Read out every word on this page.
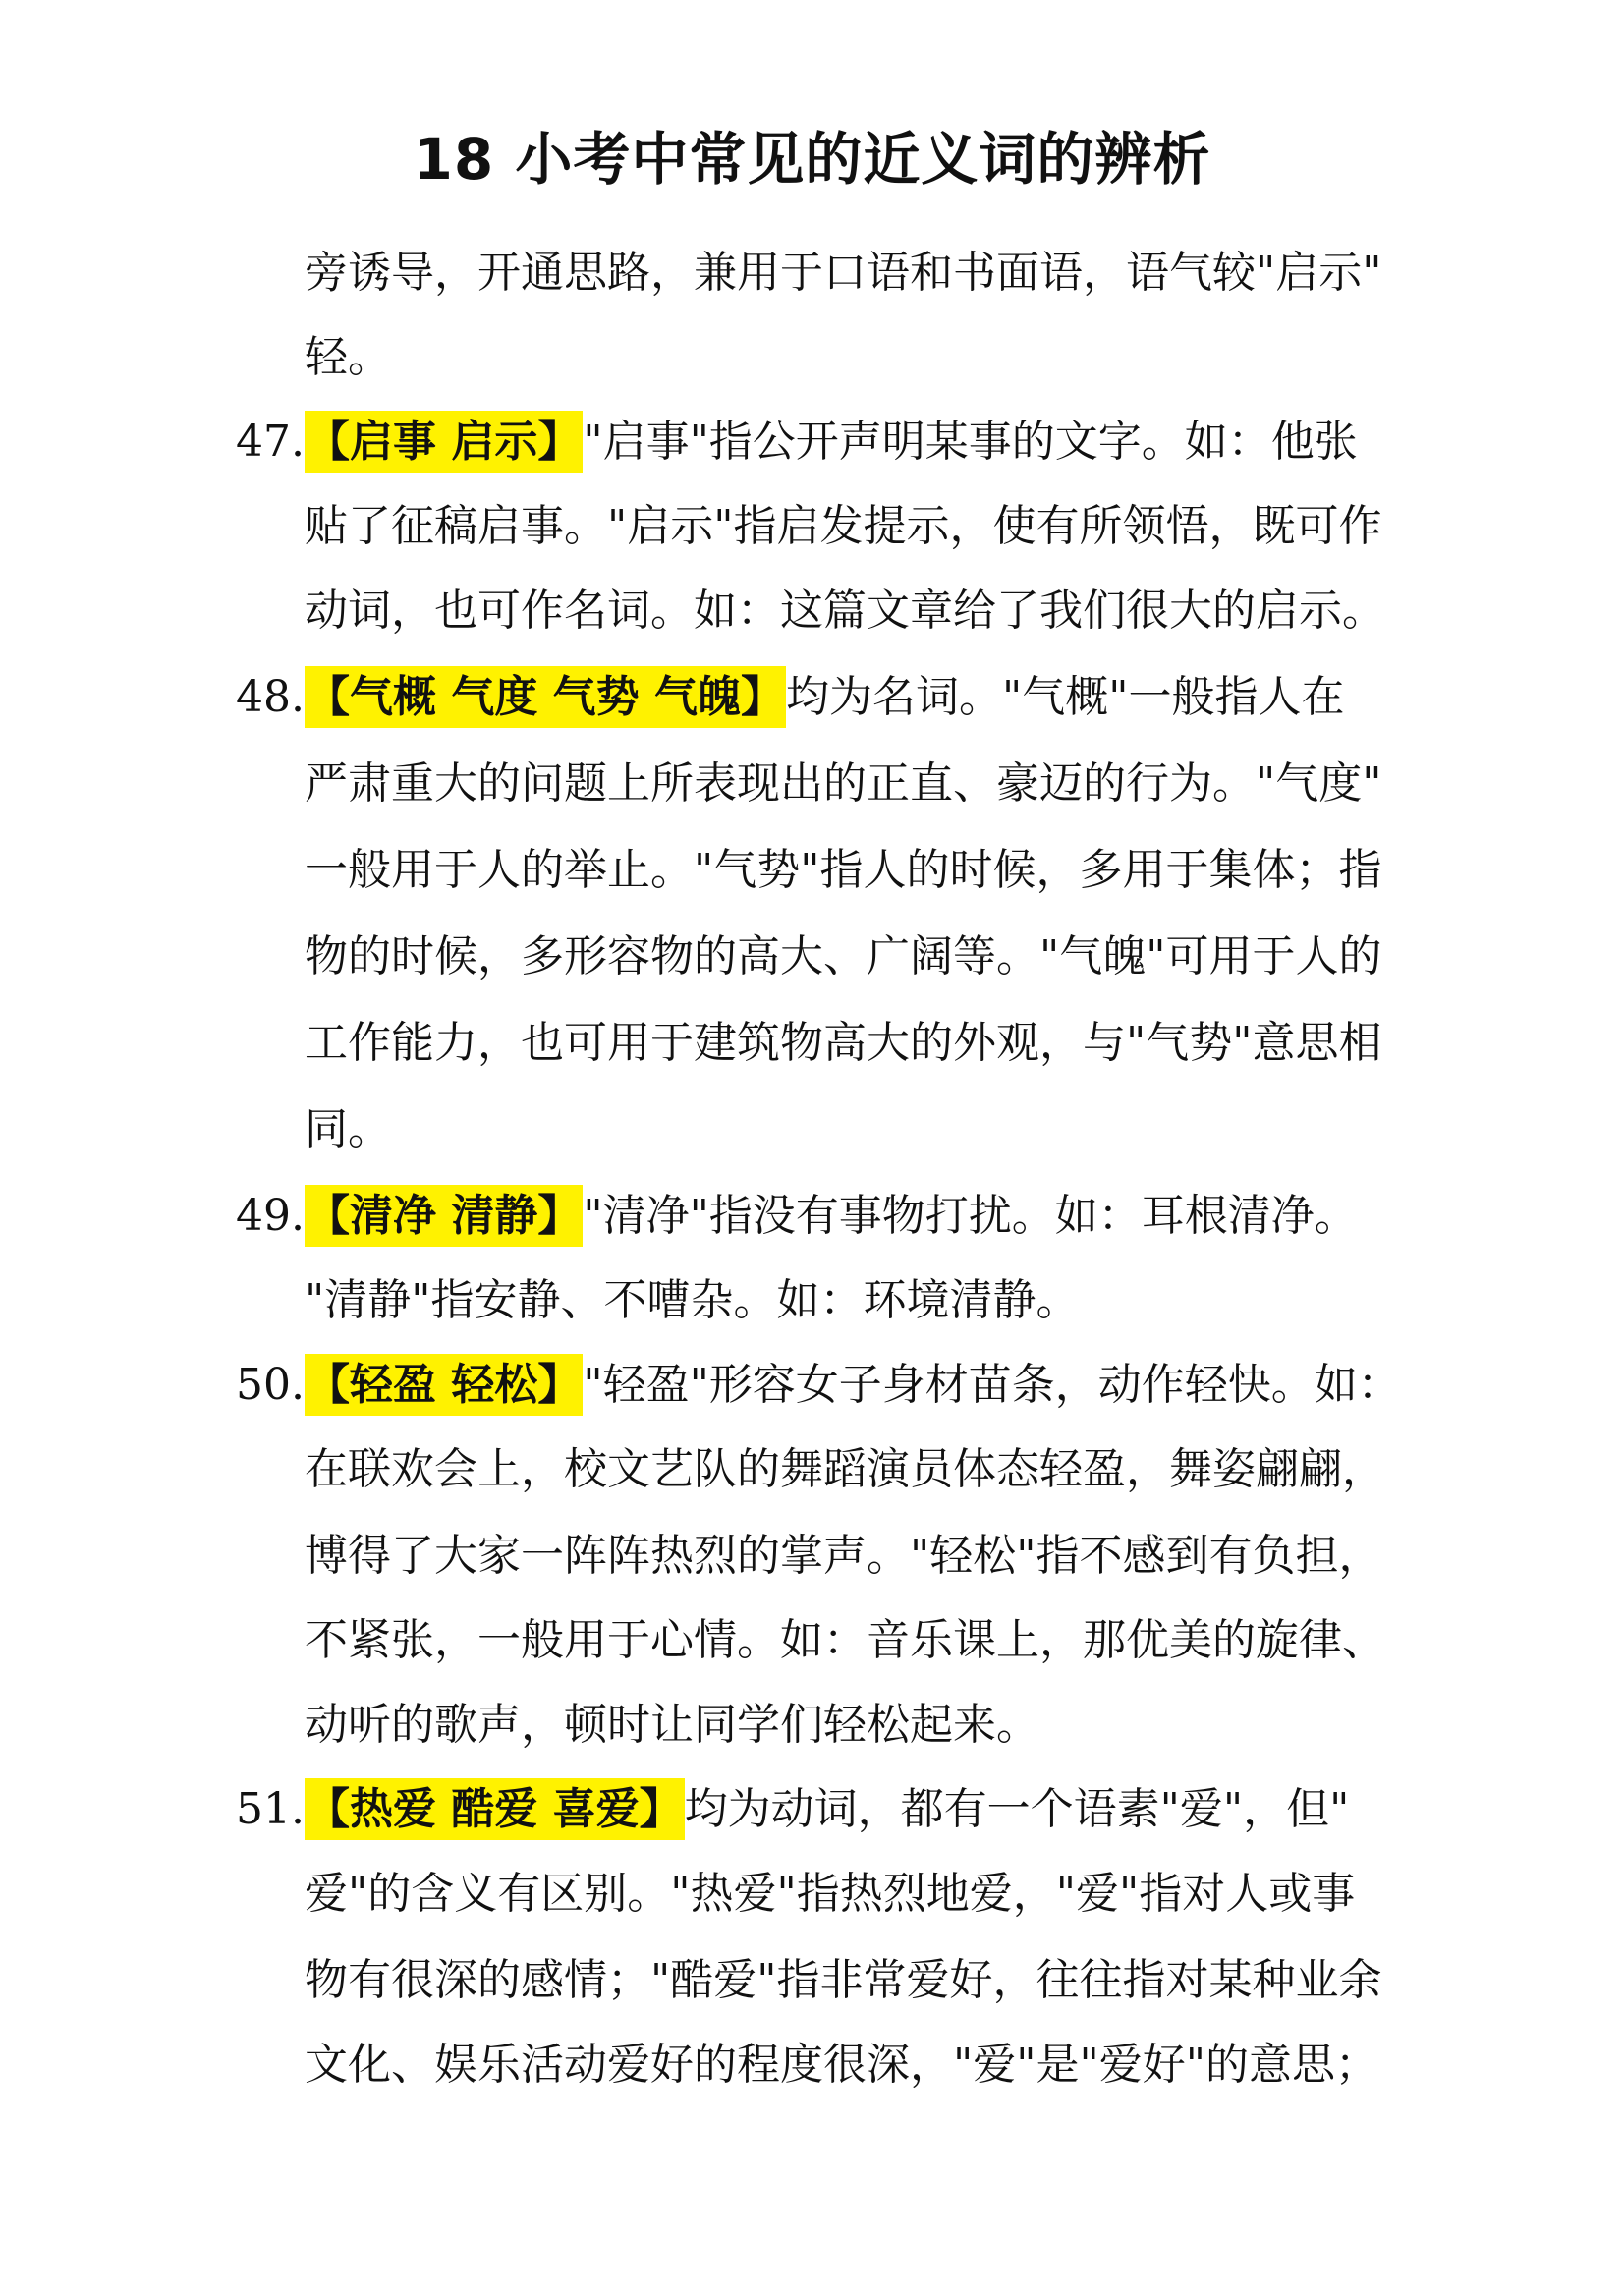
18 小考中常见的近义词的辨析
旁诱导，开通思路，兼用于口语和书面语，语气较"启示"
轻。
47. 【启事 启示】"启事"指公开声明某事的文字。如：他张
贴了征稿启事。"启示"指启发提示，使有所领悟，既可作
动词，也可作名词。如：这篇文章给了我们很大的启示。
48. 【气概 气度 气势 气魄】均为名词。"气概"一般指人在
严肃重大的问题上所表现出的正直、豪迈的行为。"气度"
一般用于人的举止。"气势"指人的时候，多用于集体；指
物的时候，多形容物的高大、广阔等。"气魄"可用于人的
工作能力，也可用于建筑物高大的外观，与"气势"意思相
同。
49. 【清净 清静】"清净"指没有事物打扰。如：耳根清净。
"清静"指安静、不嘈杂。如：环境清静。
50. 【轻盈 轻松】"轻盈"形容女子身材苗条，动作轻快。如：
在联欢会上，校文艺队的舞蹈演员体态轻盈，舞姿翩翩，
博得了大家一阵阵热烈的掌声。"轻松"指不感到有负担，
不紧张，一般用于心情。如：音乐课上，那优美的旋律、
动听的歌声，顿时让同学们轻松起来。
51. 【热爱 酷爱 喜爱】均为动词，都有一个语素"爱"，但"
爱"的含义有区别。"热爱"指热烈地爱，"爱"指对人或事
物有很深的感情；"酷爱"指非常爱好，往往指对某种业余
文化、娱乐活动爱好的程度很深，"爱"是"爱好"的意思；
